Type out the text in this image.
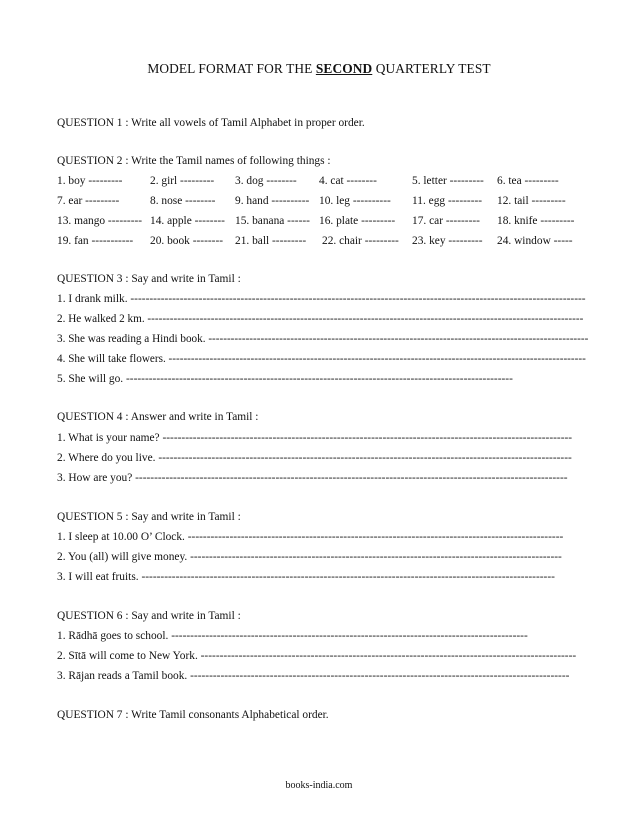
MODEL FORMAT FOR THE SECOND QUARTERLY TEST
QUESTION 1 : Write all vowels of Tamil Alphabet in proper order.
QUESTION 2 : Write the Tamil names of following things :
1. boy --------- 2. girl --------- 3. dog -------- 4. cat --------	5. letter --------- 6. tea ---------
7. ear ---------	8. nose -------- 9. hand ---------- 10. leg ---------- 11. egg --------- 12. tail ---------
13. mango --------- 14. apple -------- 15. banana ------ 16. plate --------- 17. car --------- 18. knife ---------
19. fan ----------- 20. book -------- 21. ball --------- 22. chair --------- 23. key --------- 24. window -----
QUESTION 3 : Say and write in Tamil :
1. I drank milk. ------------------------------------------------------------------------------------------------------------------------
2. He walked 2 km. ---------------------------------------------------------------------------------------------------------------------
3. She was reading a Hindi book. ------------------------------------------------------------------------------------------------------
4. She will take flowers. ----------------------------------------------------------------------------------------------------------------
5. She will go. ------------------------------------------------------------------------------------------------------
QUESTION 4 : Answer and write in Tamil :
1. What is your name? ------------------------------------------------------------------------------------------------------------
2. Where do you live. -------------------------------------------------------------------------------------------------------------
3. How are you? ------------------------------------------------------------------------------------------------------------------
QUESTION 5 : Say and write in Tamil :
1. I sleep at 10.00 O’ Clock. ---------------------------------------------------------------------------------------------------
2. You (all) will give money. --------------------------------------------------------------------------------------------------
3. I will eat fruits. -------------------------------------------------------------------------------------------------------------
QUESTION 6 : Say and write in Tamil :
1. Rādhā goes to school. ----------------------------------------------------------------------------------------------
2. Sītā will come to New York. ---------------------------------------------------------------------------------------------------
3. Rājan reads a Tamil book. ----------------------------------------------------------------------------------------------------
QUESTION 7 : Write Tamil consonants Alphabetical order.
books-india.com
